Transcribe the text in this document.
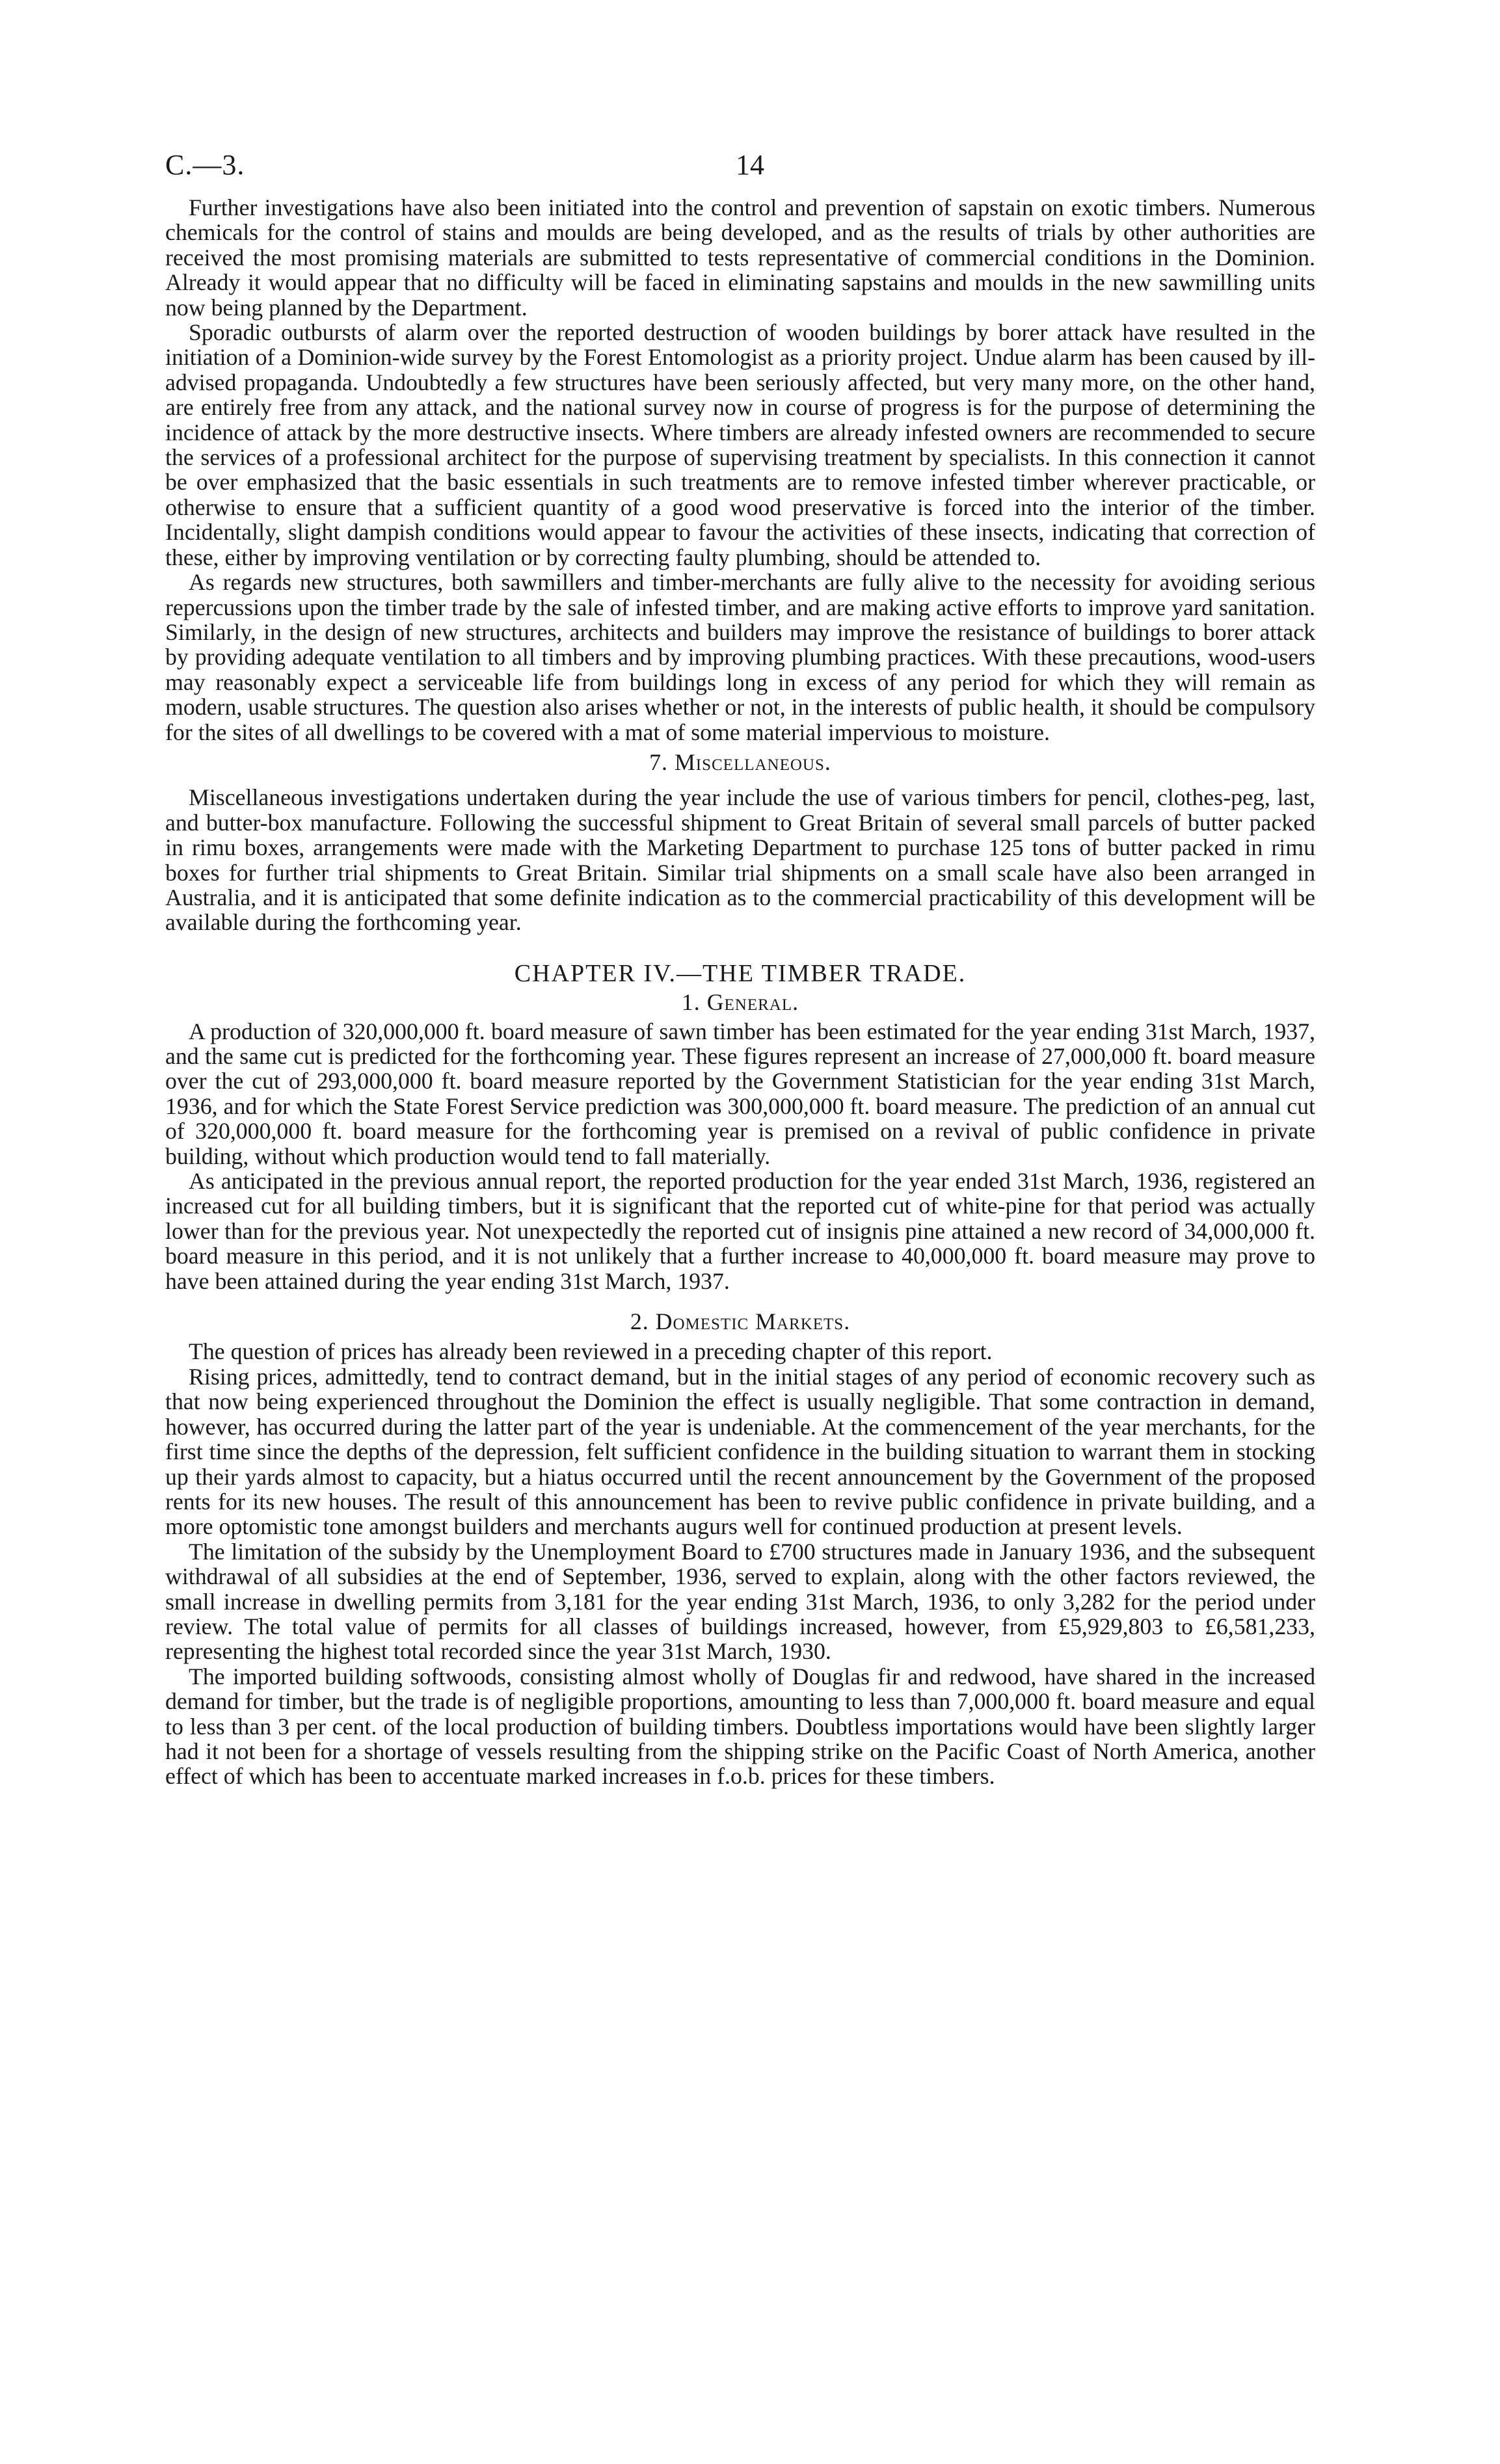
C.—3.	14

Further investigations have also been initiated into the control and prevention of sapstain on exotic timbers. Numerous chemicals for the control of stains and moulds are being developed, and as the results of trials by other authorities are received the most promising materials are submitted to tests representative of commercial conditions in the Dominion. Already it would appear that no difficulty will be faced in eliminating sapstains and moulds in the new sawmilling units now being planned by the Department.

Sporadic outbursts of alarm over the reported destruction of wooden buildings by borer attack have resulted in the initiation of a Dominion-wide survey by the Forest Entomologist as a priority project. Undue alarm has been caused by ill-advised propaganda. Undoubtedly a few structures have been seriously affected, but very many more, on the other hand, are entirely free from any attack, and the national survey now in course of progress is for the purpose of determining the incidence of attack by the more destructive insects. Where timbers are already infested owners are recommended to secure the services of a professional architect for the purpose of supervising treatment by specialists. In this connection it cannot be over emphasized that the basic essentials in such treatments are to remove infested timber wherever practicable, or otherwise to ensure that a sufficient quantity of a good wood preservative is forced into the interior of the timber. Incidentally, slight dampish conditions would appear to favour the activities of these insects, indicating that correction of these, either by improving ventilation or by correcting faulty plumbing, should be attended to.

As regards new structures, both sawmillers and timber-merchants are fully alive to the necessity for avoiding serious repercussions upon the timber trade by the sale of infested timber, and are making active efforts to improve yard sanitation. Similarly, in the design of new structures, architects and builders may improve the resistance of buildings to borer attack by providing adequate ventilation to all timbers and by improving plumbing practices. With these precautions, wood-users may reasonably expect a serviceable life from buildings long in excess of any period for which they will remain as modern, usable structures. The question also arises whether or not, in the interests of public health, it should be compulsory for the sites of all dwellings to be covered with a mat of some material impervious to moisture.

7. Miscellaneous.

Miscellaneous investigations undertaken during the year include the use of various timbers for pencil, clothes-peg, last, and butter-box manufacture. Following the successful shipment to Great Britain of several small parcels of butter packed in rimu boxes, arrangements were made with the Marketing Department to purchase 125 tons of butter packed in rimu boxes for further trial shipments to Great Britain. Similar trial shipments on a small scale have also been arranged in Australia, and it is anticipated that some definite indication as to the commercial practicability of this development will be available during the forthcoming year.

CHAPTER IV.—THE TIMBER TRADE.

1. General.

A production of 320,000,000 ft. board measure of sawn timber has been estimated for the year ending 31st March, 1937, and the same cut is predicted for the forthcoming year. These figures represent an increase of 27,000,000 ft. board measure over the cut of 293,000,000 ft. board measure reported by the Government Statistician for the year ending 31st March, 1936, and for which the State Forest Service prediction was 300,000,000 ft. board measure. The prediction of an annual cut of 320,000,000 ft. board measure for the forthcoming year is premised on a revival of public confidence in private building, without which production would tend to fall materially.

As anticipated in the previous annual report, the reported production for the year ended 31st March, 1936, registered an increased cut for all building timbers, but it is significant that the reported cut of white-pine for that period was actually lower than for the previous year. Not unexpectedly the reported cut of insignis pine attained a new record of 34,000,000 ft. board measure in this period, and it is not unlikely that a further increase to 40,000,000 ft. board measure may prove to have been attained during the year ending 31st March, 1937.

2. Domestic Markets.

The question of prices has already been reviewed in a preceding chapter of this report.

Rising prices, admittedly, tend to contract demand, but in the initial stages of any period of economic recovery such as that now being experienced throughout the Dominion the effect is usually negligible. That some contraction in demand, however, has occurred during the latter part of the year is undeniable. At the commencement of the year merchants, for the first time since the depths of the depression, felt sufficient confidence in the building situation to warrant them in stocking up their yards almost to capacity, but a hiatus occurred until the recent announcement by the Government of the proposed rents for its new houses. The result of this announcement has been to revive public confidence in private building, and a more optomistic tone amongst builders and merchants augurs well for continued production at present levels.

The limitation of the subsidy by the Unemployment Board to £700 structures made in January 1936, and the subsequent withdrawal of all subsidies at the end of September, 1936, served to explain, along with the other factors reviewed, the small increase in dwelling permits from 3,181 for the year ending 31st March, 1936, to only 3,282 for the period under review. The total value of permits for all classes of buildings increased, however, from £5,929,803 to £6,581,233, representing the highest total recorded since the year 31st March, 1930.

The imported building softwoods, consisting almost wholly of Douglas fir and redwood, have shared in the increased demand for timber, but the trade is of negligible proportions, amounting to less than 7,000,000 ft. board measure and equal to less than 3 per cent. of the local production of building timbers. Doubtless importations would have been slightly larger had it not been for a shortage of vessels resulting from the shipping strike on the Pacific Coast of North America, another effect of which has been to accentuate marked increases in f.o.b. prices for these timbers.
